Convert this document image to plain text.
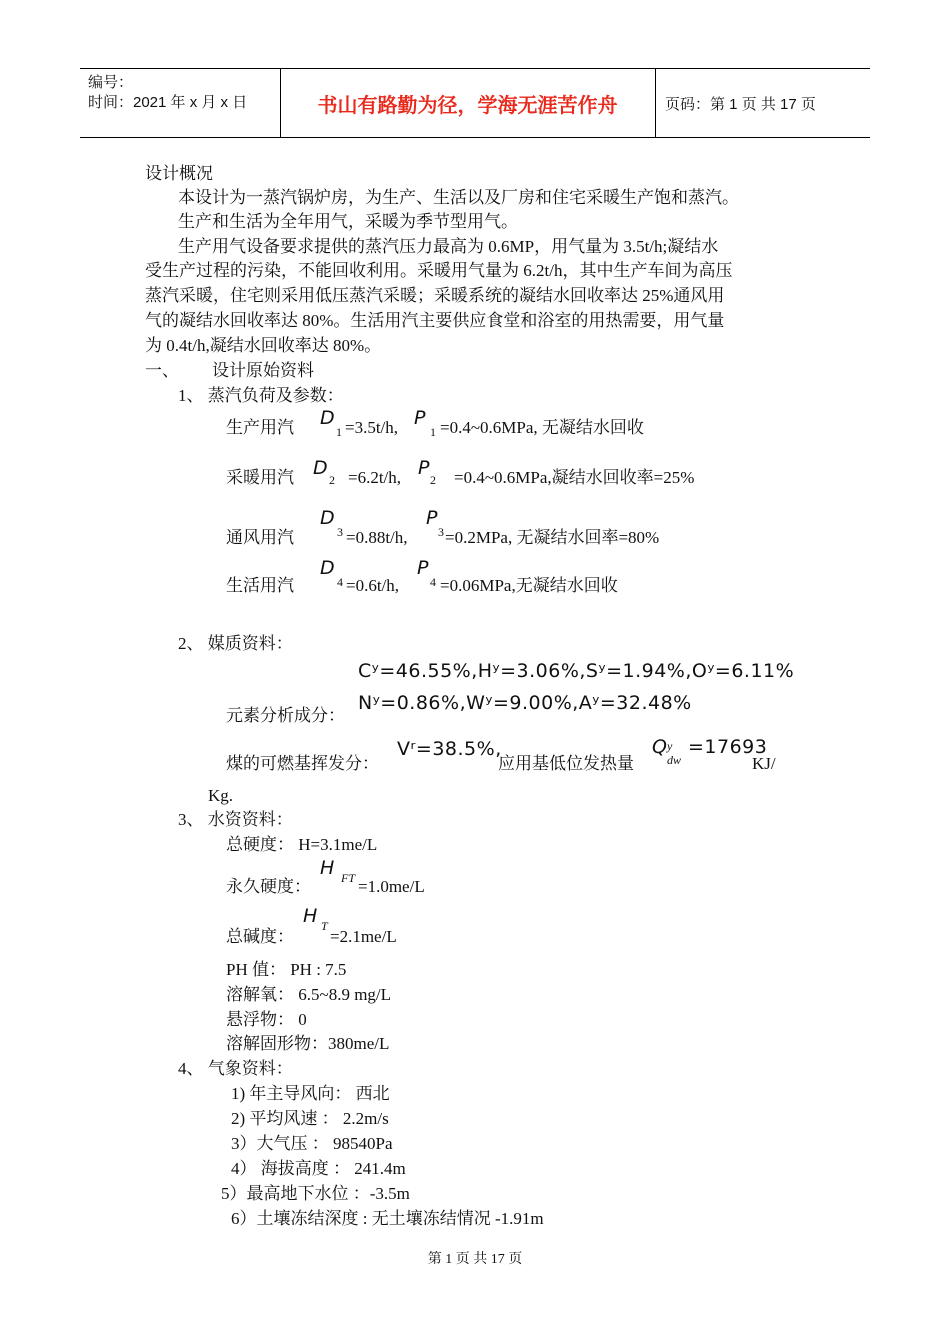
编号：
时间：2021 年 x 月 x 日	书山有路勤为径，学海无涯苦作舟	页码：第 1 页 共 17 页
设计概况
本设计为一蒸汽锅炉房，为生产、生活以及厂房和住宅采暖生产饱和蒸汽。
生产和生活为全年用气，采暖为季节型用气。
生产用气设备要求提供的蒸汽压力最高为 0.6MP，用气量为 3.5t/h;凝结水
受生产过程的污染，不能回收利用。采暖用气量为 6.2t/h，其中生产车间为高压
蒸汽采暖，住宅则采用低压蒸汽采暖；采暖系统的凝结水回收率达 25%通风用
气的凝结水回收率达 80%。生活用汽主要供应食堂和浴室的用热需要，用气量
为 0.4t/h,凝结水回收率达 80%。
一、 设计原始资料
1、 蒸汽负荷及参数：
生产用汽 D
1 =3.5t/h, P
1 =0.4~0.6MPa, 无凝结水回收
采暖用汽 D
2 =6.2t/h, P
2 =0.4~0.6MPa,凝结水回收率=25%
通风用汽
D
3 =0.88t/h,
P
3 =0.2MPa, 无凝结水回率=80%
生活用汽
D
4 =0.6t/h,
P
4 =0.06MPa,无凝结水回收
2、 媒质资料：
Cʸ=46.55%,Hʸ=3.06%,Sʸ=1.94%,Oʸ=6.11%
元素分析成分：
Nʸ=0.86%,Wʸ=9.00%,Aʸ=32.48%
煤的可燃基挥发分：
Vʳ=38.5%,
应用基低位发热量
Q y
dw
=17693
KJ/
Kg.
3、 水资资料：
总硬度： H=3.1me/L
永久硬度：
H FT =1.0me/L
总碱度：
H T
=2.1me/L
PH 值： PH : 7.5
溶解氧： 6.5~8.9 mg/L
悬浮物： 0
溶解固形物：380me/L
4、 气象资料：
1) 年主导风向： 西北
2) 平均风速 ： 2.2m/s
3）大气压 ： 98540Pa
4） 海拔高度 ： 241.4m
5）最高地下水位 ：-3.5m
6）土壤冻结深度 : 无土壤冻结情况 -1.91m
第 1 页 共 17 页
